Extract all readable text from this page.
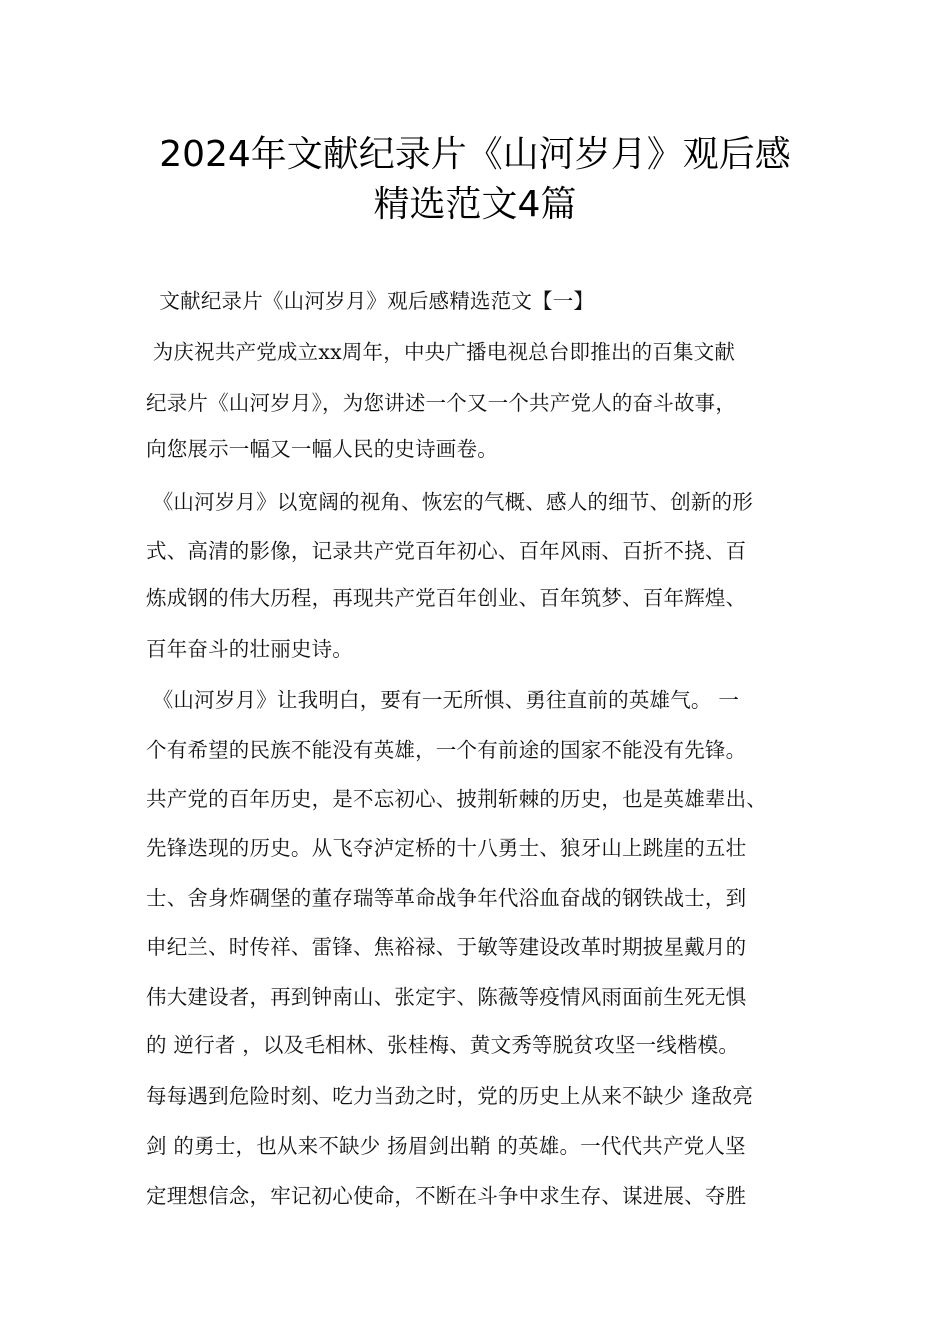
2024年文献纪录片《山河岁月》观后感
精选范文4篇
文献纪录片《山河岁月》观后感精选范文【一】
为庆祝共产党成立xx周年，中央广播电视总台即推出的百集文献
纪录片《山河岁月》，为您讲述一个又一个共产党人的奋斗故事，
向您展示一幅又一幅人民的史诗画卷。
《山河岁月》以宽阔的视角、恢宏的气概、感人的细节、创新的形
式、高清的影像，记录共产党百年初心、百年风雨、百折不挠、百
炼成钢的伟大历程，再现共产党百年创业、百年筑梦、百年辉煌、
百年奋斗的壮丽史诗。
《山河岁月》让我明白，要有一无所惧、勇往直前的英雄气。 一
个有希望的民族不能没有英雄，一个有前途的国家不能没有先锋。
共产党的百年历史，是不忘初心、披荆斩棘的历史，也是英雄辈出、
先锋迭现的历史。从飞夺泸定桥的十八勇士、狼牙山上跳崖的五壮
士、舍身炸碉堡的董存瑞等革命战争年代浴血奋战的钢铁战士，到
申纪兰、时传祥、雷锋、焦裕禄、于敏等建设改革时期披星戴月的
伟大建设者，再到钟南山、张定宇、陈薇等疫情风雨面前生死无惧
的 逆行者 ，以及毛相林、张桂梅、黄文秀等脱贫攻坚一线楷模。
每每遇到危险时刻、吃力当劲之时，党的历史上从来不缺少 逢敌亮
剑 的勇士，也从来不缺少 扬眉剑出鞘 的英雄。一代代共产党人坚
定理想信念，牢记初心使命，不断在斗争中求生存、谋进展、夺胜
